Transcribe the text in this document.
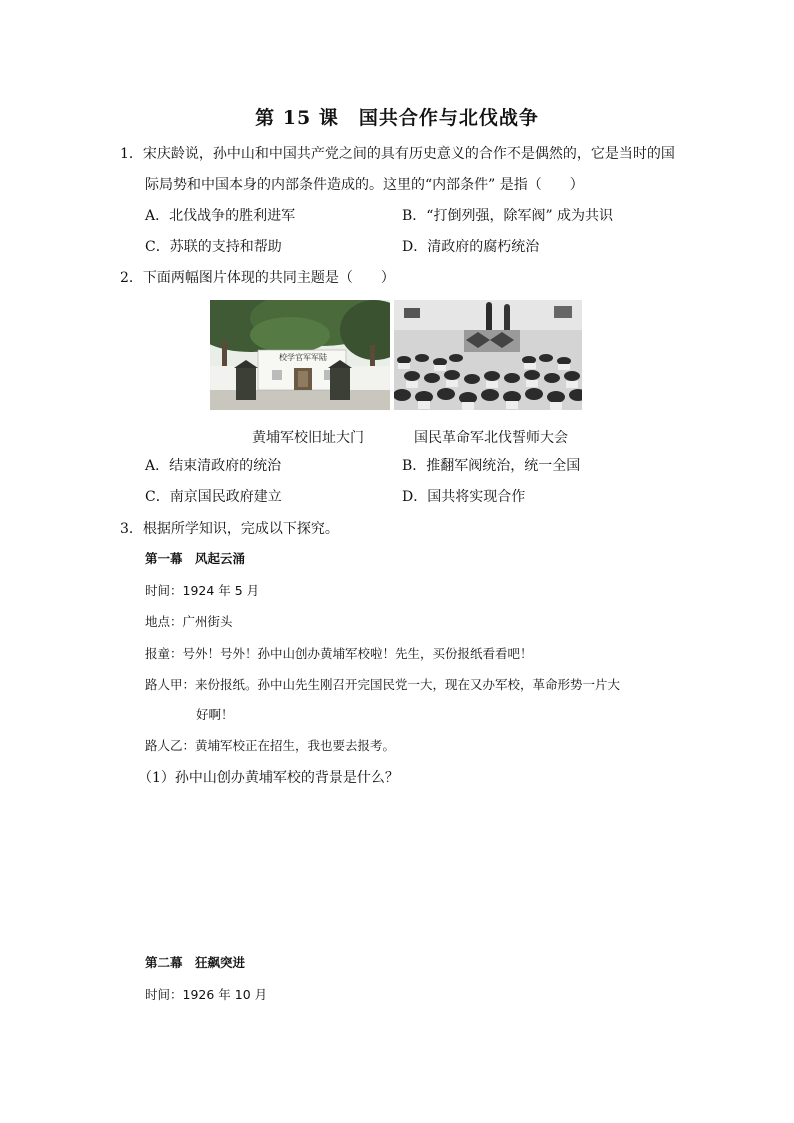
第 15 课　国共合作与北伐战争
1．宋庆龄说，孙中山和中国共产党之间的具有历史意义的合作不是偶然的，它是当时的国
际局势和中国本身的内部条件造成的。这里的“内部条件” 是指（　　）
A．北伐战争的胜利进军	B．“打倒列强，除军阀” 成为共识
C．苏联的支持和帮助	D．清政府的腐朽统治
2．下面两幅图片体现的共同主题是（　　）
校学官军军陆
黄埔军校旧址大门	国民革命军北伐誓师大会
A．结束清政府的统治	B．推翻军阀统治，统一全国
C．南京国民政府建立	D．国共将实现合作
3．根据所学知识，完成以下探究。
第一幕　风起云涌
时间：1924 年 5 月
地点：广州街头
报童：号外！号外！孙中山创办黄埔军校啦！先生，买份报纸看看吧！
路人甲：来份报纸。孙中山先生刚召开完国民党一大，现在又办军校，革命形势一片大
好啊！
路人乙：黄埔军校正在招生，我也要去报考。
（1）孙中山创办黄埔军校的背景是什么？
第二幕　狂飙突进
时间：1926 年 10 月
